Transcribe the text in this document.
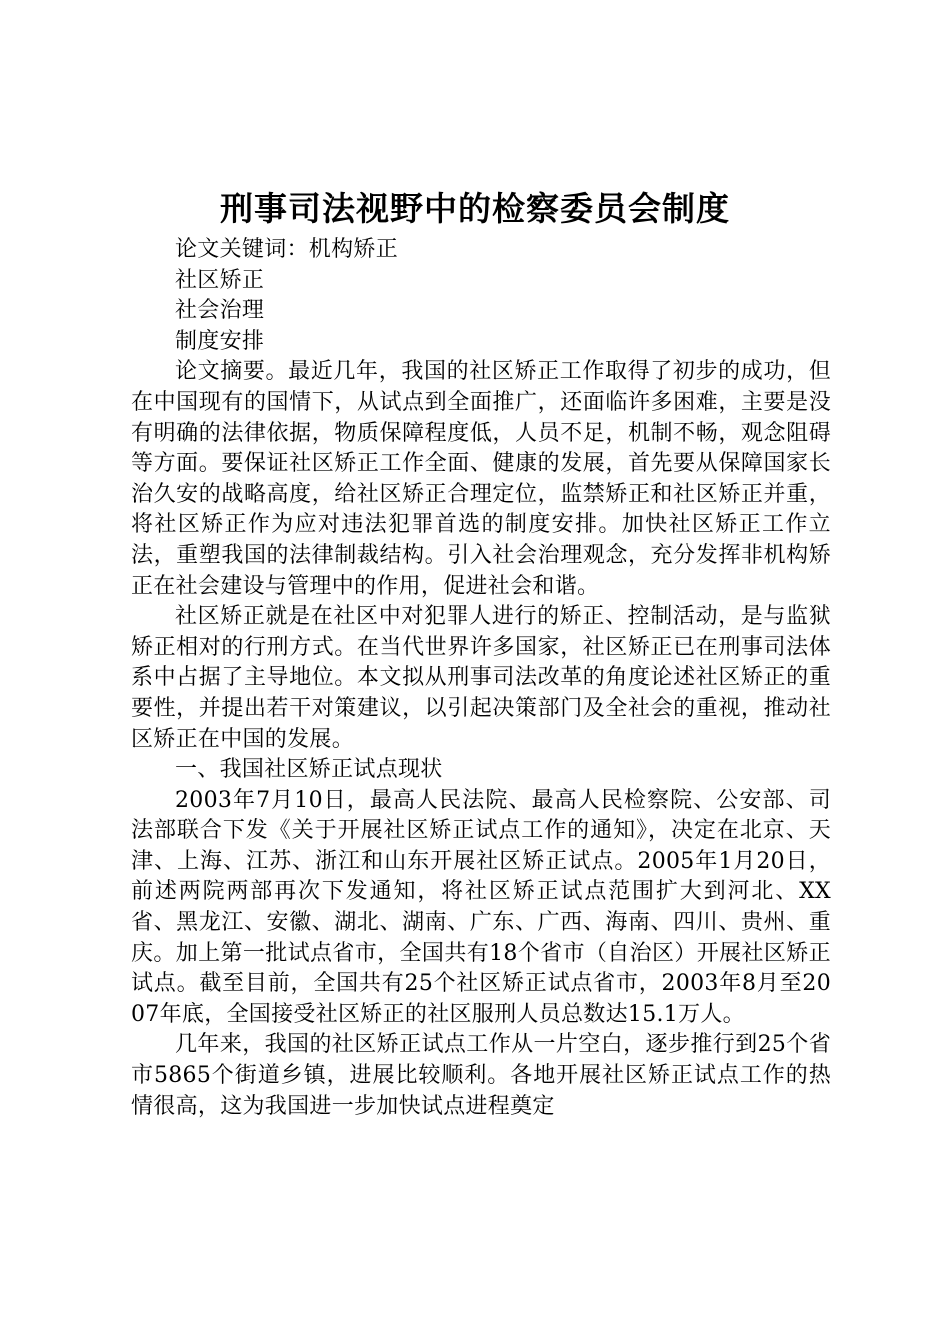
刑事司法视野中的检察委员会制度

论文关键词：机构矫正

社区矫正

社会治理

制度安排

论文摘要。最近几年，我国的社区矫正工作取得了初步的成功，但在中国现有的国情下，从试点到全面推广，还面临许多困难，主要是没有明确的法律依据，物质保障程度低，人员不足，机制不畅，观念阻碍等方面。要保证社区矫正工作全面、健康的发展，首先要从保障国家长治久安的战略高度，给社区矫正合理定位，监禁矫正和社区矫正并重，将社区矫正作为应对违法犯罪首选的制度安排。加快社区矫正工作立法，重塑我国的法律制裁结构。引入社会治理观念，充分发挥非机构矫正在社会建设与管理中的作用，促进社会和谐。

社区矫正就是在社区中对犯罪人进行的矫正、控制活动，是与监狱矫正相对的行刑方式。在当代世界许多国家，社区矫正已在刑事司法体系中占据了主导地位。本文拟从刑事司法改革的角度论述社区矫正的重要性，并提出若干对策建议，以引起决策部门及全社会的重视，推动社区矫正在中国的发展。

一、我国社区矫正试点现状

2003年7月10日，最高人民法院、最高人民检察院、公安部、司法部联合下发《关于开展社区矫正试点工作的通知》，决定在北京、天津、上海、江苏、浙江和山东开展社区矫正试点。2005年1月20日，前述两院两部再次下发通知，将社区矫正试点范围扩大到河北、XX省、黑龙江、安徽、湖北、湖南、广东、广西、海南、四川、贵州、重庆。加上第一批试点省市，全国共有18个省市（自治区）开展社区矫正试点。截至目前，全国共有25个社区矫正试点省市，2003年8月至2007年底，全国接受社区矫正的社区服刑人员总数达15.1万人。

几年来，我国的社区矫正试点工作从一片空白，逐步推行到25个省市5865个街道乡镇，进展比较顺利。各地开展社区矫正试点工作的热情很高，这为我国进一步加快试点进程奠定
